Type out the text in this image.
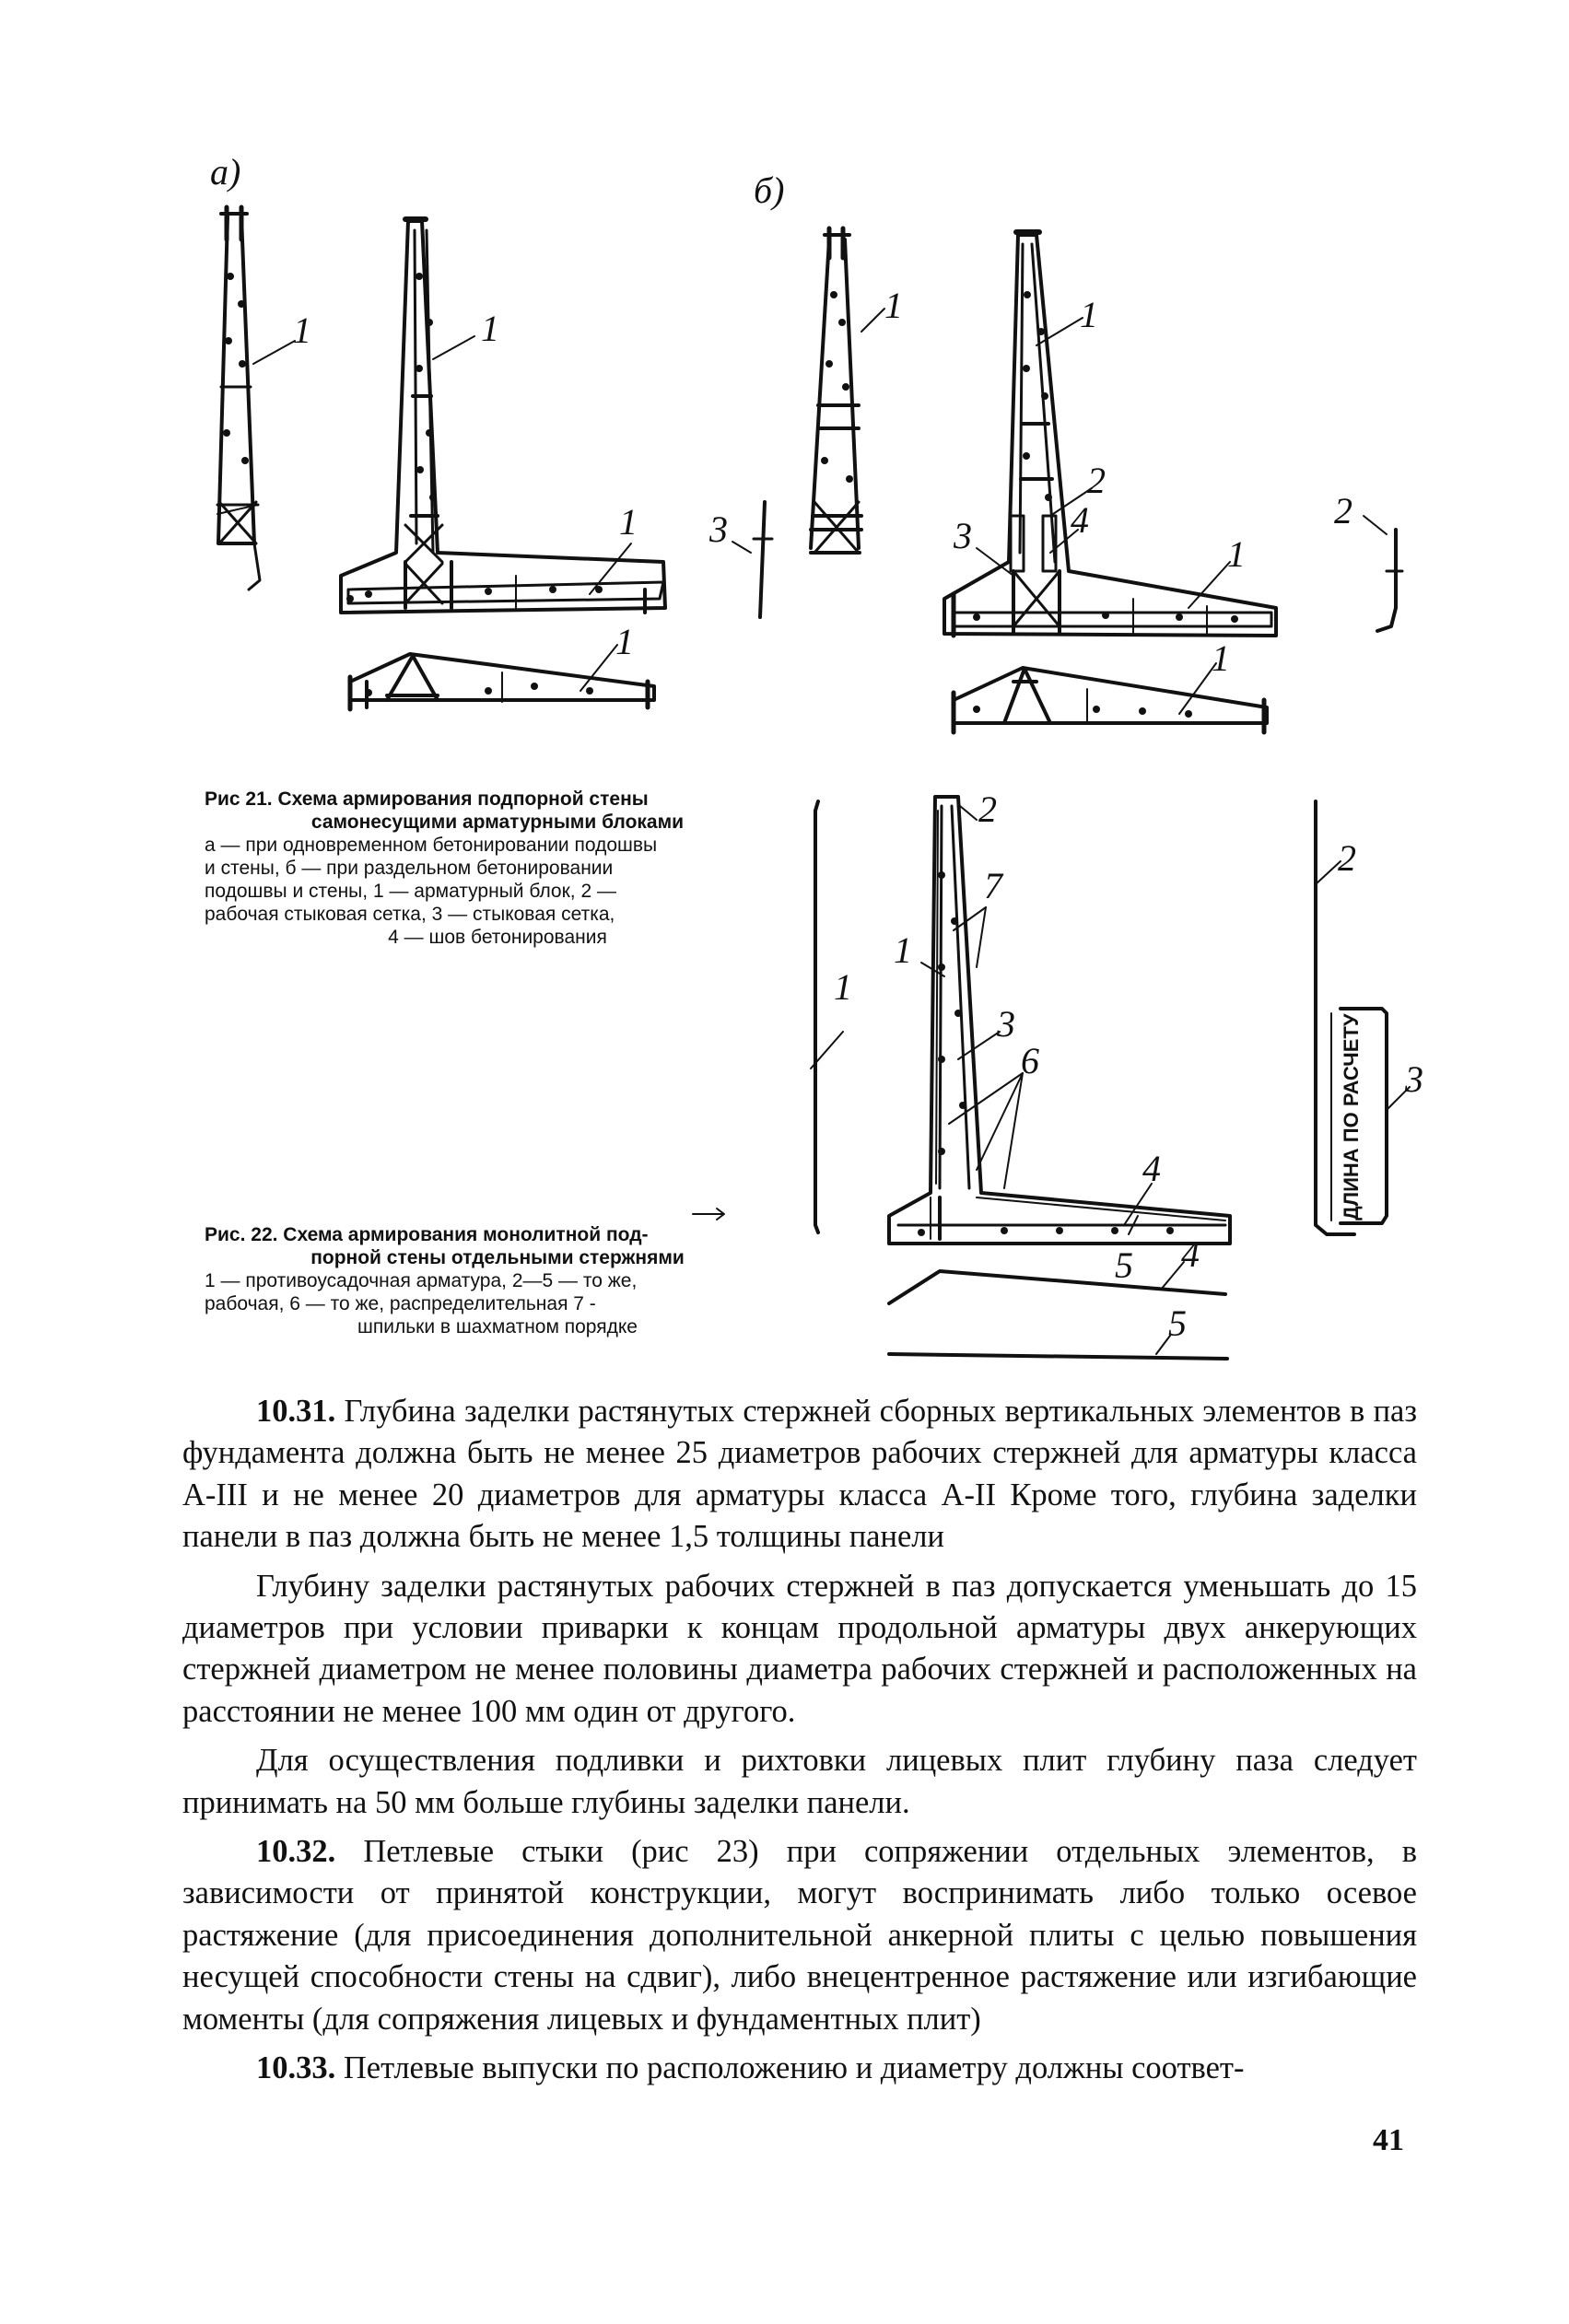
а)
1	1
1
1
3
б)
1	1
2
4
3	1
1
2
1
2
7
1
3
6
4
5 4
5
2
3
ДЛИНА ПО РАСЧЕТУ
Рис 21. Схема армирования подпорной стены
самонесущими арматурными блоками
а — при одновременном бетонировании подошвы
и стены, б — при раздельном бетонировании
подошвы и стены, 1 — арматурный блок, 2 —
рабочая стыковая сетка, 3 — стыковая сетка,
4 — шов бетонирования
Рис. 22. Схема армирования монолитной под-
порной стены отдельными стержнями
1 — противоусадочная арматура, 2—5 — то же,
рабочая, 6 — то же, распределительная 7 -
шпильки в шахматном порядке

10.31. Глубина заделки растянутых стержней сборных вертикальных элементов в паз фундамента должна быть не менее 25 диаметров рабочих стержней для арматуры класса А-III и не менее 20 диаметров для арматуры класса А-II Кроме того, глубина заделки панели в паз должна быть не менее 1,5 толщины панели

Глубину заделки растянутых рабочих стержней в паз допускается уменьшать до 15 диаметров при условии приварки к концам продольной арматуры двух анкерующих стержней диаметром не менее половины диаметра рабочих стержней и расположенных на расстоянии не менее 100 мм один от другого.

Для осуществления подливки и рихтовки лицевых плит глубину паза следует принимать на 50 мм больше глубины заделки панели.

10.32. Петлевые стыки (рис 23) при сопряжении отдельных элементов, в зависимости от принятой конструкции, могут воспринимать либо только осевое растяжение (для присоединения дополнительной анкерной плиты с целью повышения несущей способности стены на сдвиг), либо внецентренное растяжение или изгибающие моменты (для сопряжения лицевых и фундаментных плит)

10.33. Петлевые выпуски по расположению и диаметру должны соответ-

41
